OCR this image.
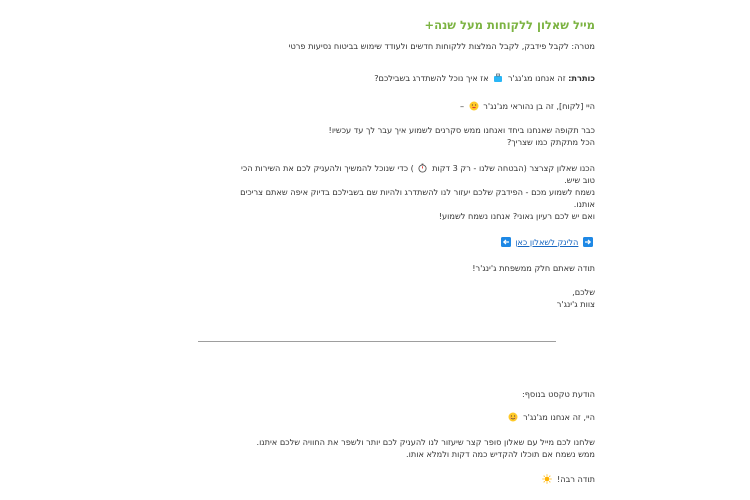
מייל שאלון ללקוחות מעל שנה+
מטרה: לקבל פידבק, לקבל המלצות ללקוחות חדשים ולעודד שימוש בביטוח נסיעות פרטי
כותרת: זה אנחנו מג'נג'ר  אז איך נוכל להשתדרג בשבילכם?
היי [לקוח], זה בן נהוראי מג'נג'ר  –
כבר תקופה שאנחנו ביחד ואנחנו ממש סקרנים לשמוע איך עבר לך עד עכשיו!
הכל מתקתק כמו שצריך?
הכנו שאלון קצרצר (הבטחה שלנו - רק 3 דקות  ) כדי שנוכל להמשיך ולהעניק לכם את השירות הכי
טוב שיש.
נשמח לשמוע מכם - הפידבק שלכם יעזור לנו להשתדרג ולהיות שם בשבילכם בדיוק איפה שאתם צריכים
אותנו.
ואם יש לכם רעיון גאוני? אנחנו נשמח לשמוע!
הלינק לשאלון כאן
תודה שאתם חלק ממשפחת ג'ינג'ר!
שלכם,
צוות ג'ינג'ר
הודעת טקסט בנוסף:
היי, זה אנחנו מג'נג'ר
שלחנו לכם מייל עם שאלון סופר קצר שיעזור לנו להעניק לכם יותר ולשפר את החוויה שלכם איתנו.
ממש נשמח אם תוכלו להקדיש כמה דקות ולמלא אותו.
תודה רבה!
